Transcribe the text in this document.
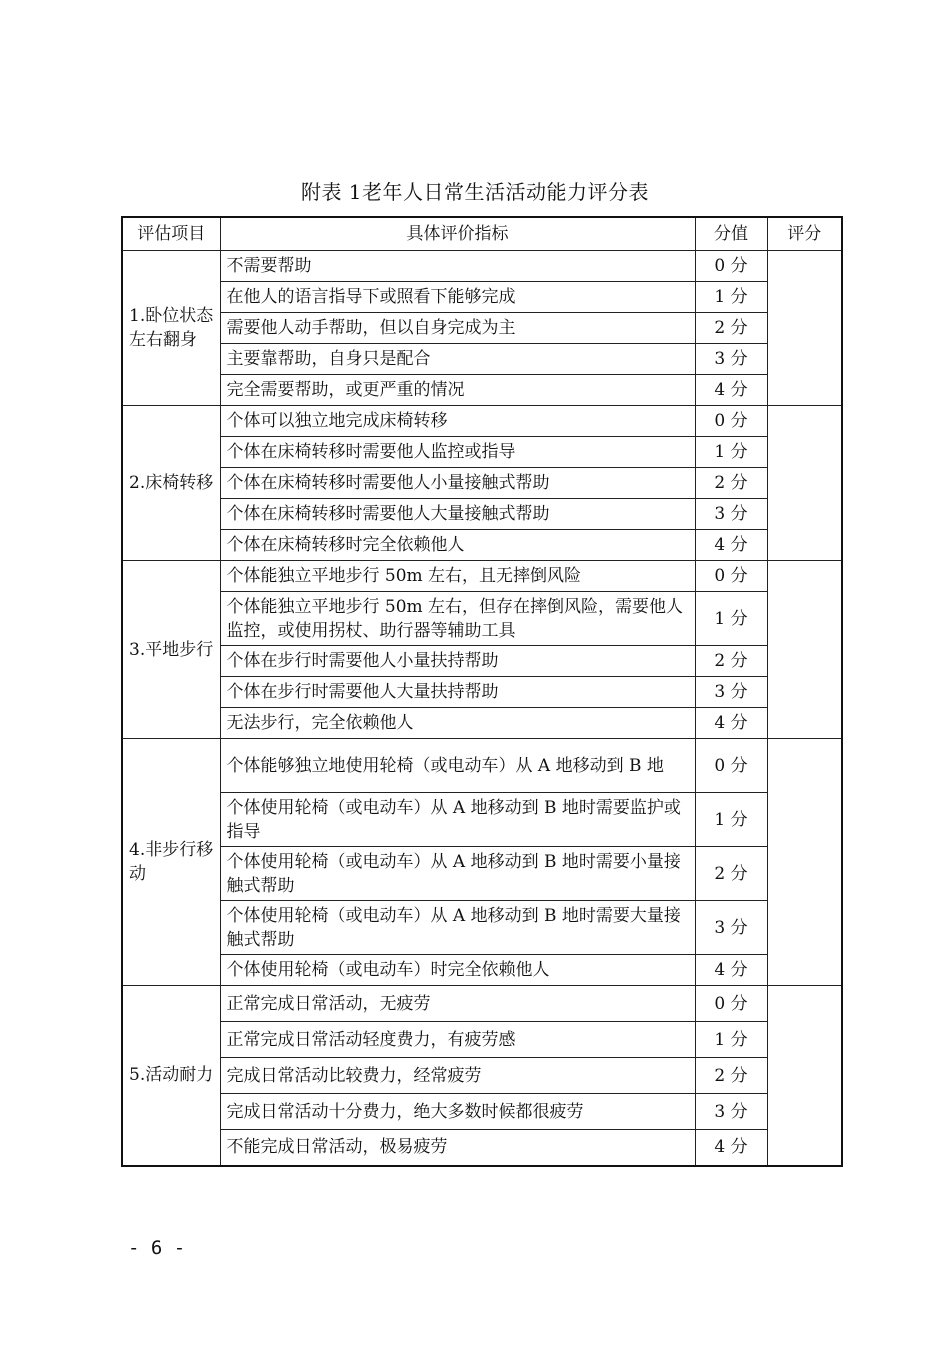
附表 1老年人日常生活活动能力评分表
评估项目	具体评价指标	分值	评分
1.卧位状态左右翻身	不需要帮助	0 分	
	在他人的语言指导下或照看下能够完成	1 分	
	需要他人动手帮助，但以自身完成为主	2 分	
	主要靠帮助，自身只是配合	3 分	
	完全需要帮助，或更严重的情况	4 分	
2.床椅转移	个体可以独立地完成床椅转移	0 分	
	个体在床椅转移时需要他人监控或指导	1 分	
	个体在床椅转移时需要他人小量接触式帮助	2 分	
	个体在床椅转移时需要他人大量接触式帮助	3 分	
	个体在床椅转移时完全依赖他人	4 分	
3.平地步行	个体能独立平地步行 50m 左右，且无摔倒风险	0 分	
	个体能独立平地步行 50m 左右，但存在摔倒风险，需要他人监控，或使用拐杖、助行器等辅助工具	1 分	
	个体在步行时需要他人小量扶持帮助	2 分	
	个体在步行时需要他人大量扶持帮助	3 分	
	无法步行，完全依赖他人	4 分	
4.非步行移动	个体能够独立地使用轮椅（或电动车）从 A 地移动到 B 地	0 分	
	个体使用轮椅（或电动车）从 A 地移动到 B 地时需要监护或指导	1 分	
	个体使用轮椅（或电动车）从 A 地移动到 B 地时需要小量接触式帮助	2 分	
	个体使用轮椅（或电动车）从 A 地移动到 B 地时需要大量接触式帮助	3 分	
	个体使用轮椅（或电动车）时完全依赖他人	4 分	
5.活动耐力	正常完成日常活动，无疲劳	0 分	
	正常完成日常活动轻度费力，有疲劳感	1 分	
	完成日常活动比较费力，经常疲劳	2 分	
	完成日常活动十分费力，绝大多数时候都很疲劳	3 分	
	不能完成日常活动，极易疲劳	4 分	
- 6 -
